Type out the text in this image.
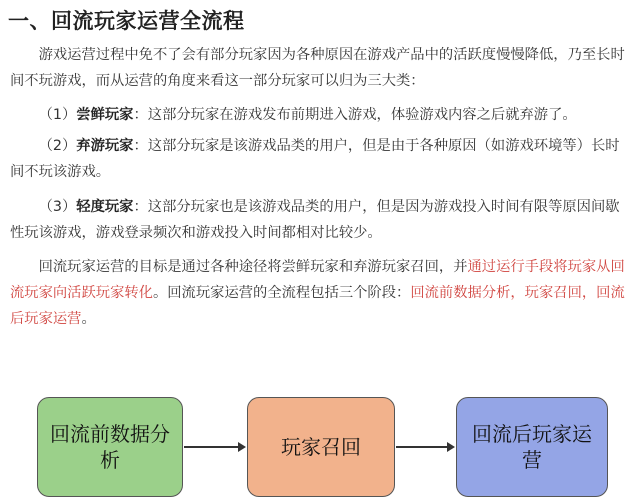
一、回流玩家运营全流程

游戏运营过程中免不了会有部分玩家因为各种原因在游戏产品中的活跃度慢慢降低，乃至长时间不玩游戏，而从运营的角度来看这一部分玩家可以归为三大类：

（1）尝鲜玩家：这部分玩家在游戏发布前期进入游戏，体验游戏内容之后就弃游了。

（2）弃游玩家：这部分玩家是该游戏品类的用户，但是由于各种原因（如游戏环境等）长时间不玩该游戏。

（3）轻度玩家：这部分玩家也是该游戏品类的用户，但是因为游戏投入时间有限等原因间歇性玩该游戏，游戏登录频次和游戏投入时间都相对比较少。

回流玩家运营的目标是通过各种途径将尝鲜玩家和弃游玩家召回，并通过运行手段将玩家从回流玩家向活跃玩家转化。回流玩家运营的全流程包括三个阶段：回流前数据分析，玩家召回，回流后玩家运营。

回流前数据分析
玩家召回
回流后玩家运营
